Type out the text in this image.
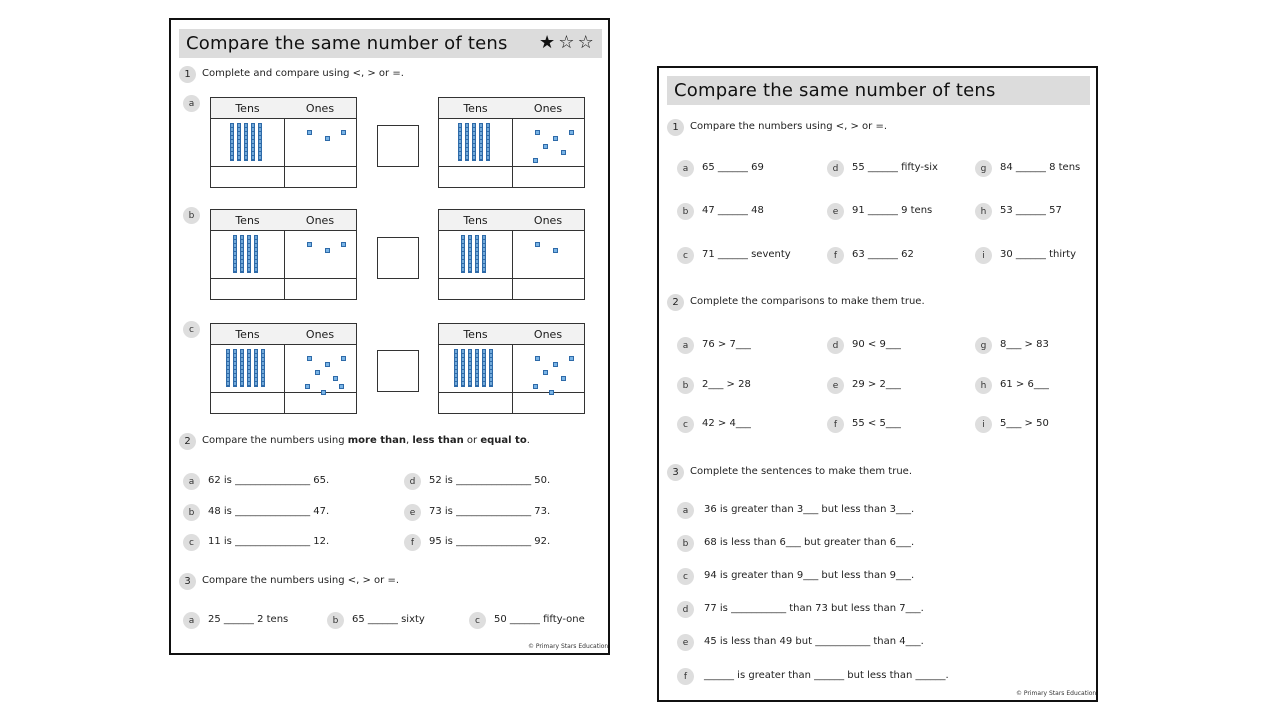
Compare the same number of tens ★ ☆ ☆
1	Complete and compare using <, > or =.
a	Tens	Ones	Tens	Ones
b	Tens	Ones	Tens	Ones
c	Tens	Ones	Tens	Ones
2	Compare the numbers using more than, less than or equal to.
a	62 is _______________ 65.
b	48 is _______________ 47.
c	11 is _______________ 12.
d	52 is _______________ 50.
e	73 is _______________ 73.
f	95 is _______________ 92.
3	Compare the numbers using <, > or =.
a	25 ______ 2 tens	b	65 ______ sixty	c	50 ______ fifty-one
© Primary Stars Education
Compare the same number of tens
1	Compare the numbers using <, > or =.
a	65 ______ 69
b	47 ______ 48
c	71 ______ seventy
d	55 ______ fifty-six
e	91 ______ 9 tens
f	63 ______ 62
g	84 ______ 8 tens
h	53 ______ 57
i	30 ______ thirty
2	Complete the comparisons to make them true.
a	76 > 7___
b	2___ > 28
c	42 > 4___
d	90 < 9___
e	29 > 2___
f	55 < 5___
g	8___ > 83
h	61 > 6___
i	5___ > 50
3	Complete the sentences to make them true.
a	36 is greater than 3___ but less than 3___.
b	68 is less than 6___ but greater than 6___.
c	94 is greater than 9___ but less than 9___.
d	77 is ___________ than 73 but less than 7___.
e	45 is less than 49 but ___________ than 4___.
f	______ is greater than ______ but less than ______.
© Primary Stars Education
